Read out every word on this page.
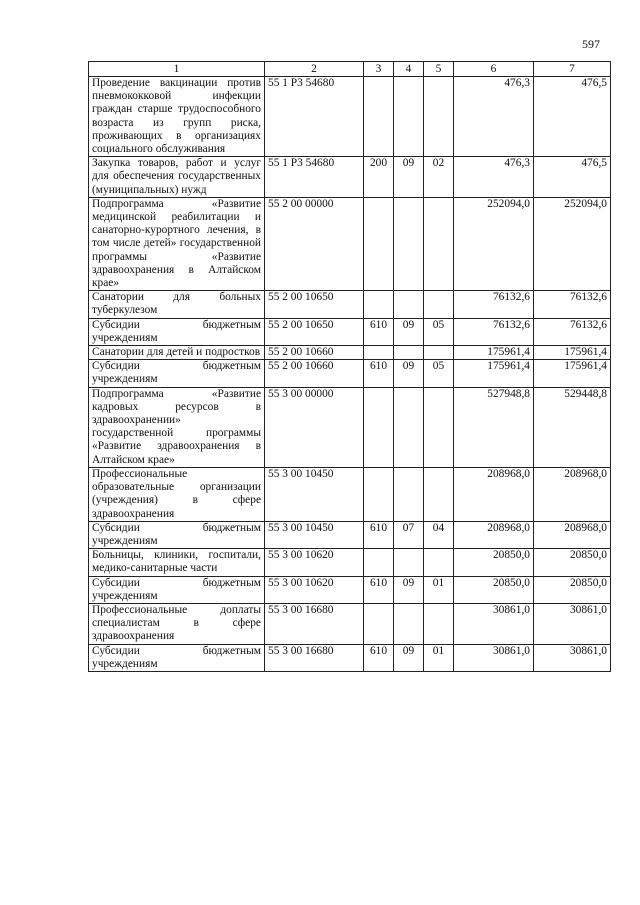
597
1	2	3	4	5	6	7
Проведение вакцинации против пневмококковой инфекции граждан старше трудоспособного возраста из групп риска, проживающих в организациях социального обслуживания	55 1 P3 54680				476,3	476,5
Закупка товаров, работ и услуг для обеспечения государственных (муниципальных) нужд	55 1 P3 54680	200	09	02	476,3	476,5
Подпрограмма «Развитие медицинской реабилитации и санаторно-курортного лечения, в том числе детей» государственной программы «Развитие здравоохранения в Алтайском крае»	55 2 00 00000				252094,0	252094,0
Санатории для больных туберкулезом	55 2 00 10650				76132,6	76132,6
Субсидии бюджетным учреждениям	55 2 00 10650	610	09	05	76132,6	76132,6
Санатории для детей и подростков	55 2 00 10660				175961,4	175961,4
Субсидии бюджетным учреждениям	55 2 00 10660	610	09	05	175961,4	175961,4
Подпрограмма «Развитие кадровых ресурсов в здравоохранении» государственной программы «Развитие здравоохранения в Алтайском крае»	55 3 00 00000				527948,8	529448,8
Профессиональные образовательные организации (учреждения) в сфере здравоохранения	55 3 00 10450				208968,0	208968,0
Субсидии бюджетным учреждениям	55 3 00 10450	610	07	04	208968,0	208968,0
Больницы, клиники, госпитали, медико-санитарные части	55 3 00 10620				20850,0	20850,0
Субсидии бюджетным учреждениям	55 3 00 10620	610	09	01	20850,0	20850,0
Профессиональные доплаты специалистам в сфере здравоохранения	55 3 00 16680				30861,0	30861,0
Субсидии бюджетным учреждениям	55 3 00 16680	610	09	01	30861,0	30861,0
